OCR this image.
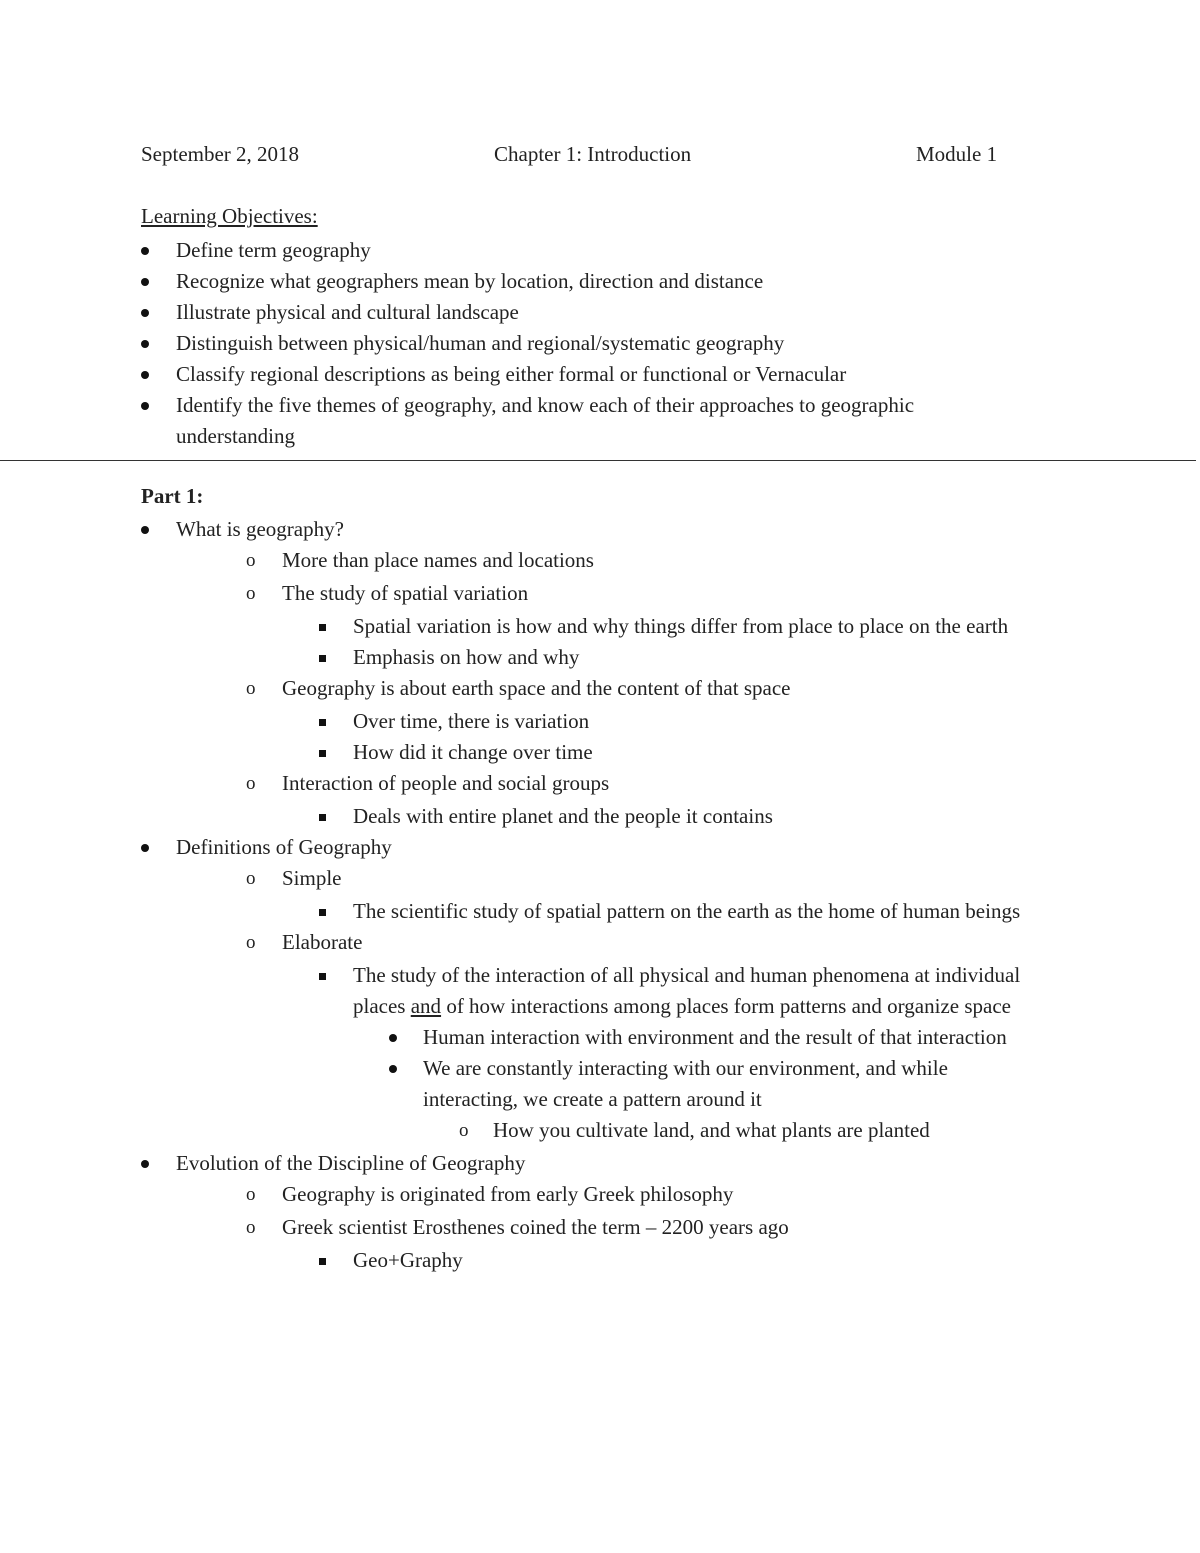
September 2, 2018	Chapter 1: Introduction	Module 1
Learning Objectives:
Define term geography
Recognize what geographers mean by location, direction and distance
Illustrate physical and cultural landscape
Distinguish between physical/human and regional/systematic geography
Classify regional descriptions as being either formal or functional or Vernacular
Identify the five themes of geography, and know each of their approaches to geographic understanding
Part 1:
What is geography?
o More than place names and locations
o The study of spatial variation
Spatial variation is how and why things differ from place to place on the earth
Emphasis on how and why
o Geography is about earth space and the content of that space
Over time, there is variation
How did it change over time
o Interaction of people and social groups
Deals with entire planet and the people it contains
Definitions of Geography
o Simple
The scientific study of spatial pattern on the earth as the home of human beings
o Elaborate
The study of the interaction of all physical and human phenomena at individual places and of how interactions among places form patterns and organize space
Human interaction with environment and the result of that interaction
We are constantly interacting with our environment, and while interacting, we create a pattern around it
o How you cultivate land, and what plants are planted
Evolution of the Discipline of Geography
o Geography is originated from early Greek philosophy
o Greek scientist Erosthenes coined the term – 2200 years ago
Geo+Graphy
